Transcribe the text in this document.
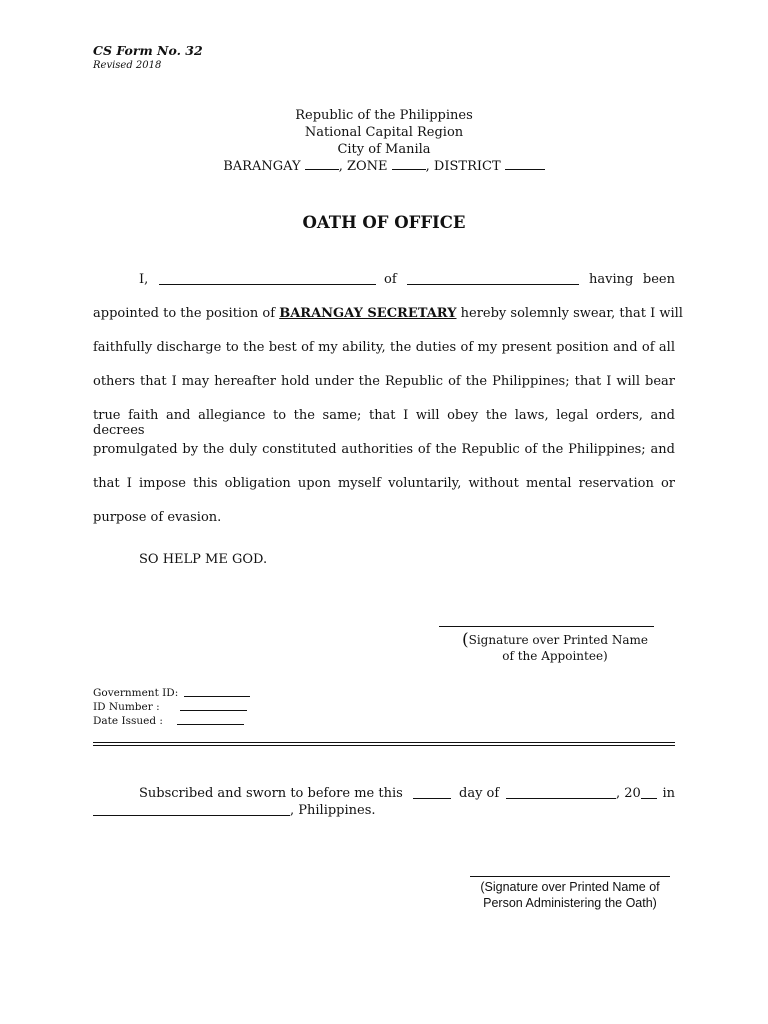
CS Form No. 32
Revised 2018
Republic of the Philippines
National Capital Region
City of Manila
BARANGAY	, ZONE	, DISTRICT
OATH OF OFFICE
I,	of	having been
appointed to the position of BARANGAY SECRETARY hereby solemnly swear, that I will
faithfully discharge to the best of my ability, the duties of my present position and of all
others that I may hereafter hold under the Republic of the Philippines; that I will bear
true faith and allegiance to the same; that I will obey the laws, legal orders, and decrees
promulgated by the duly constituted authorities of the Republic of the Philippines; and
that I impose this obligation upon myself voluntarily, without mental reservation or
purpose of evasion.
SO HELP ME GOD.
(Signature over Printed Name
of the Appointee)
Government ID:
ID Number :
Date Issued :
Subscribed and sworn to before me this	day of	, 20 in
, Philippines.
(Signature over Printed Name of
Person Administering the Oath)
